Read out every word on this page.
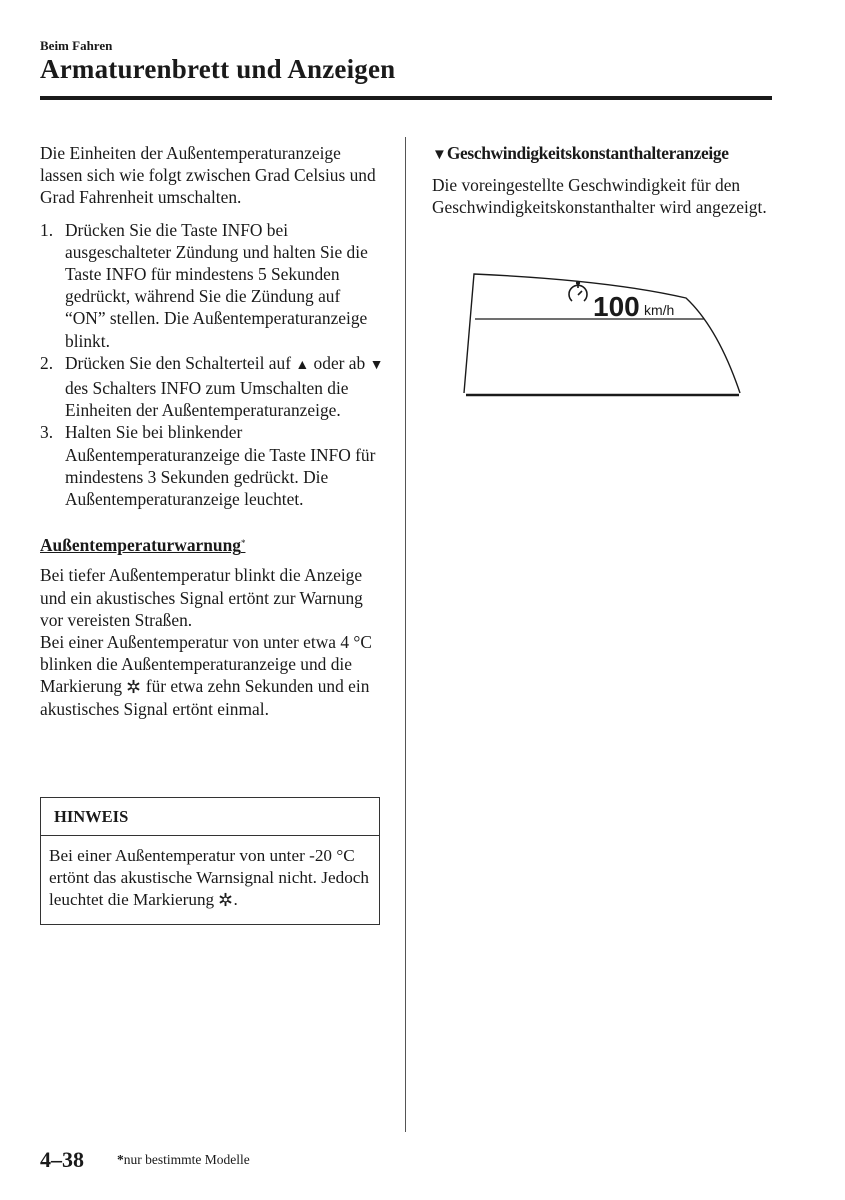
Beim Fahren
Armaturenbrett und Anzeigen

Die Einheiten der Außentemperaturanzeige lassen sich wie folgt zwischen Grad Celsius und Grad Fahrenheit umschalten.

1. Drücken Sie die Taste INFO bei ausgeschalteter Zündung und halten Sie die Taste INFO für mindestens 5 Sekunden gedrückt, während Sie die Zündung auf “ON” stellen. Die Außentemperaturanzeige blinkt.
2. Drücken Sie den Schalterteil auf ▲ oder ab ▼ des Schalters INFO zum Umschalten die Einheiten der Außentemperaturanzeige.
3. Halten Sie bei blinkender Außentemperaturanzeige die Taste INFO für mindestens 3 Sekunden gedrückt. Die Außentemperaturanzeige leuchtet.

Außentemperaturwarnung*

Bei tiefer Außentemperatur blinkt die Anzeige und ein akustisches Signal ertönt zur Warnung vor vereisten Straßen.

Bei einer Außentemperatur von unter etwa 4 °C blinken die Außentemperaturanzeige und die Markierung  für etwa zehn Sekunden und ein akustisches Signal ertönt einmal.

HINWEIS
Bei einer Außentemperatur von unter -20 °C ertönt das akustische Warnsignal nicht. Jedoch leuchtet die Markierung .

▼Geschwindigkeitskonstanthalteranzeige

Die voreingestellte Geschwindigkeit für den Geschwindigkeitskonstanthalter wird angezeigt.

100 km/h
4–38 *nur bestimmte Modelle
